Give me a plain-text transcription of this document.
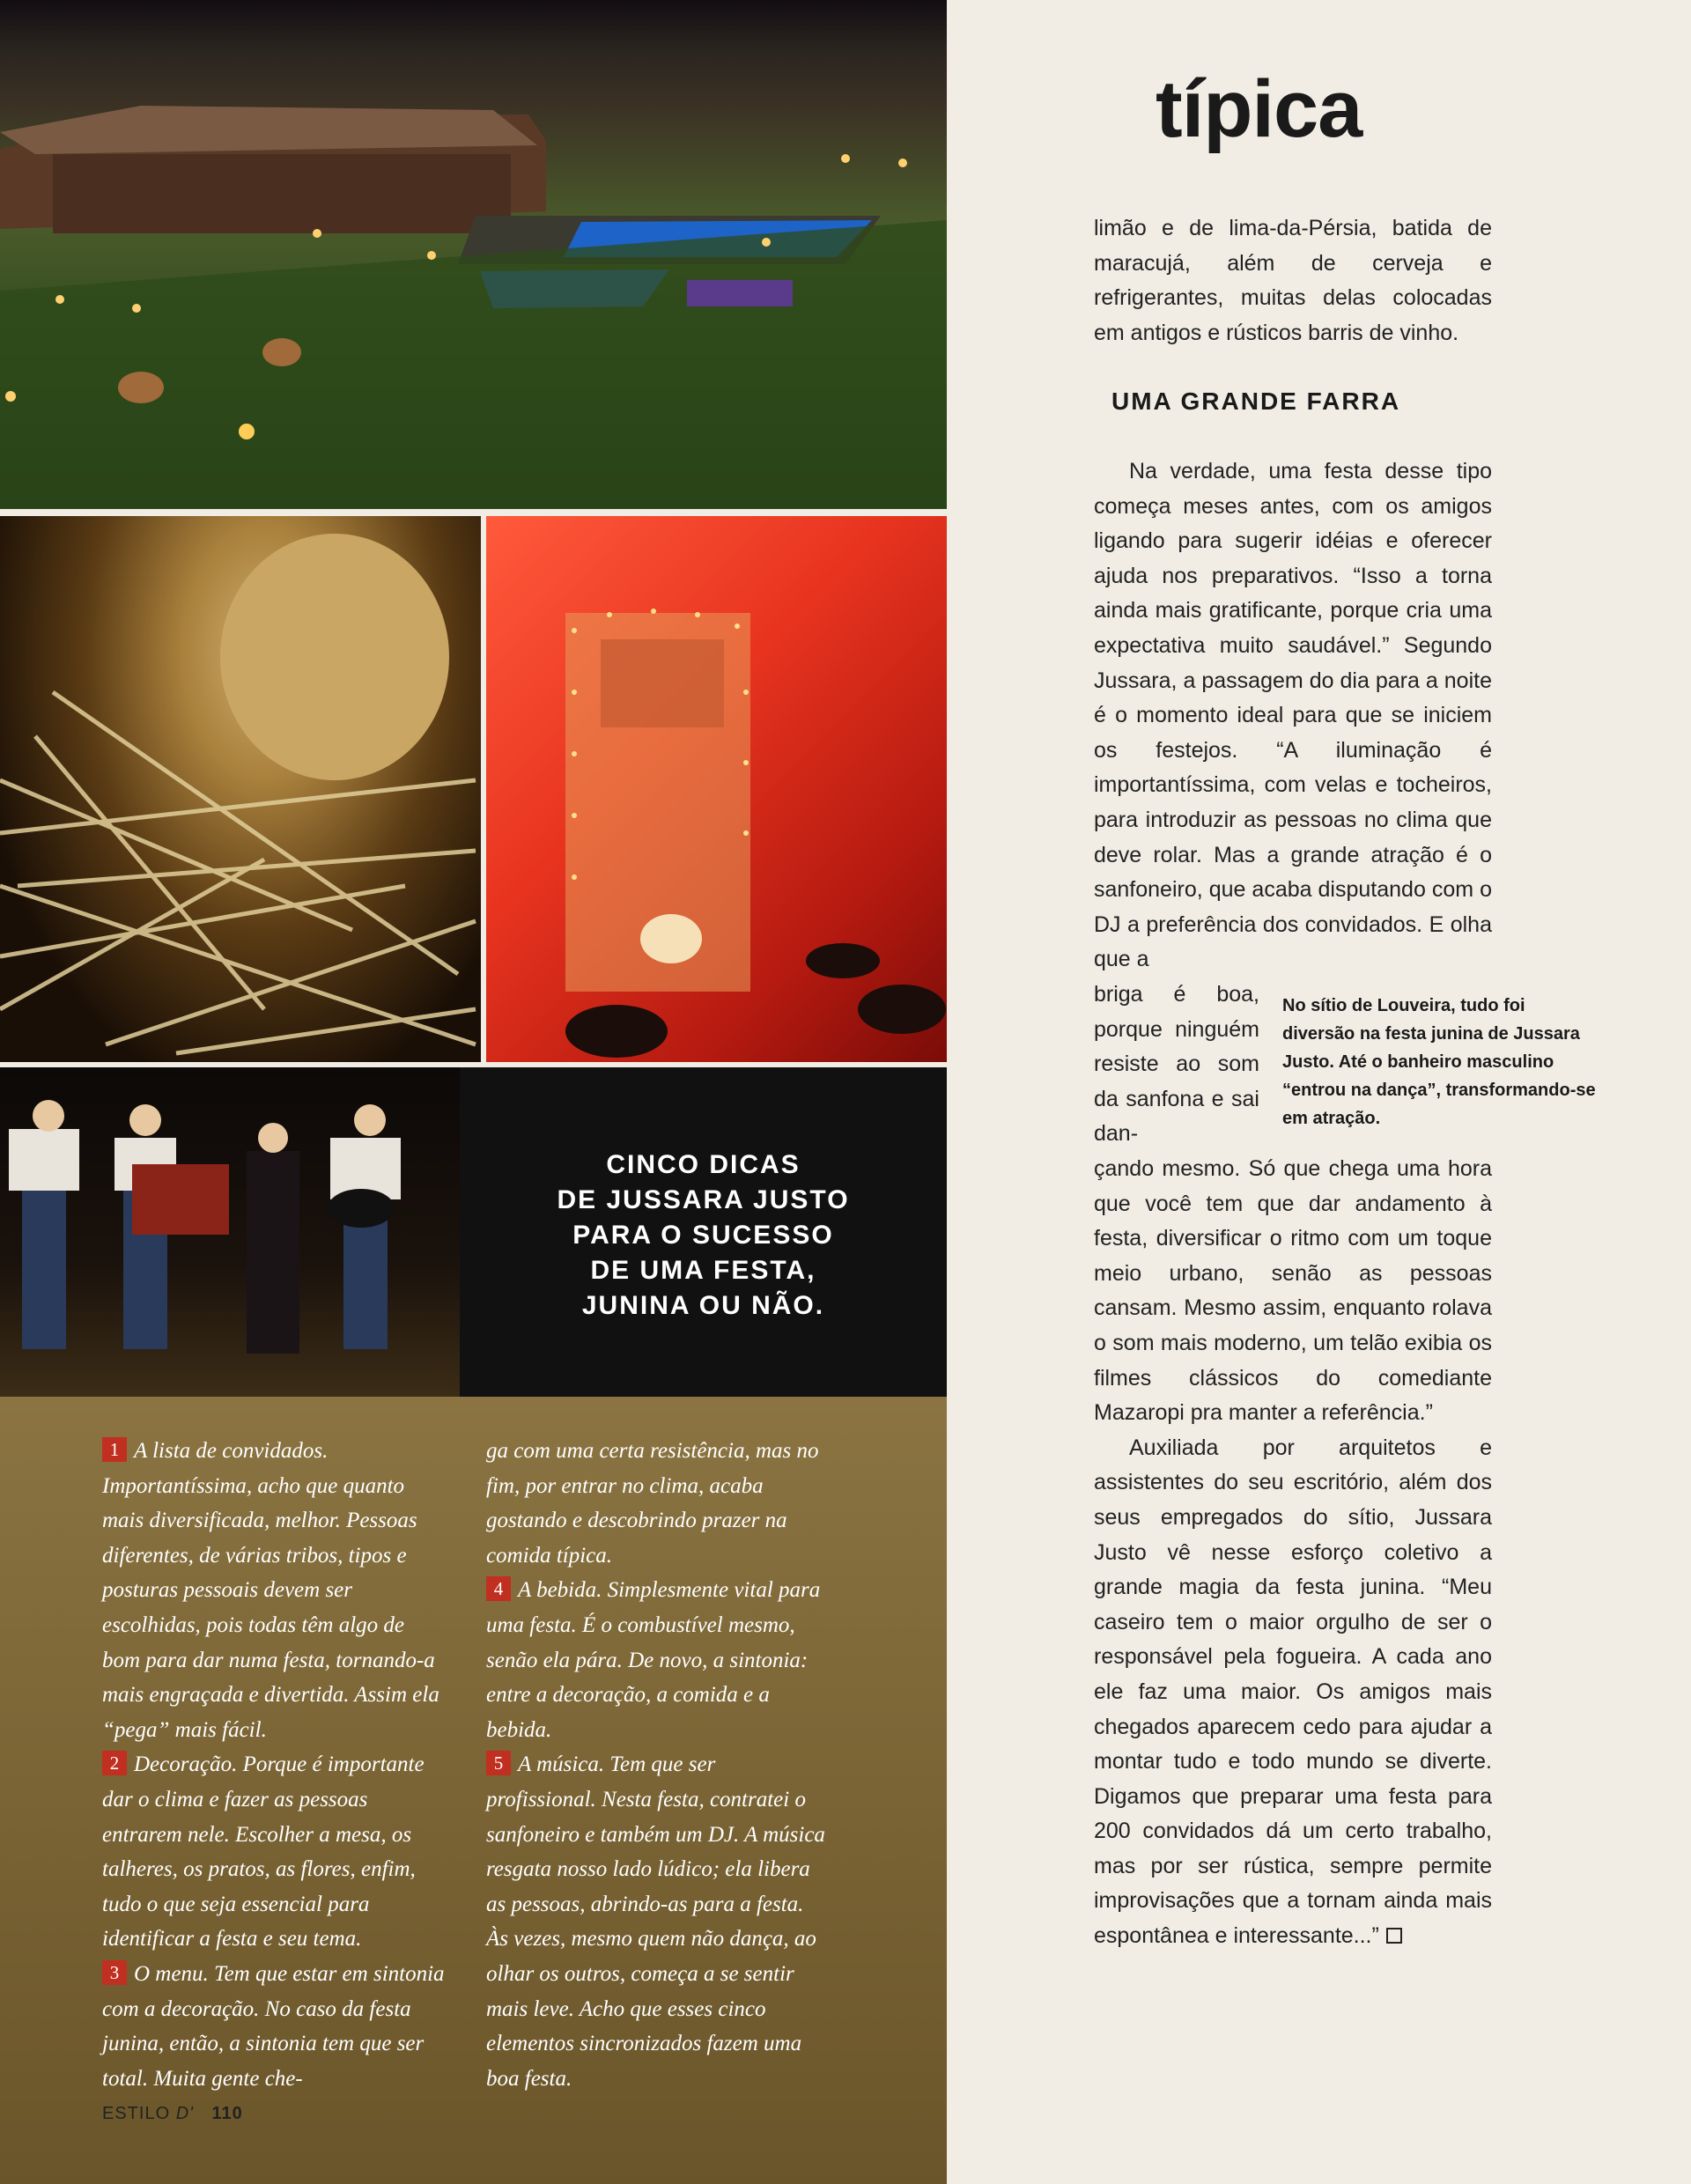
CINCO DICAS
DE JUSSARA JUSTO
PARA O SUCESSO
DE UMA FESTA,
JUNINA OU NÃO.

1 A lista de convidados. Importantíssima, acho que quanto mais diversificada, melhor. Pessoas diferentes, de várias tribos, tipos e posturas pessoais devem ser escolhidas, pois todas têm algo de bom para dar numa festa, tornando-a mais engraçada e divertida. Assim ela “pega” mais fácil.

2 Decoração. Porque é importante dar o clima e fazer as pessoas entrarem nele. Escolher a mesa, os talheres, os pratos, as flores, enfim, tudo o que seja essencial para identificar a festa e seu tema.

3 O menu. Tem que estar em sintonia com a decoração. No caso da festa junina, então, a sintonia tem que ser total. Muita gente che-

ga com uma certa resistência, mas no fim, por entrar no clima, acaba gostando e descobrindo prazer na comida típica.

4 A bebida. Simplesmente vital para uma festa. É o combustível mesmo, senão ela pára. De novo, a sintonia: entre a decoração, a comida e a bebida.

5 A música. Tem que ser profissional. Nesta festa, contratei o sanfoneiro e também um DJ. A música resgata nosso lado lúdico; ela libera as pessoas, abrindo-as para a festa. Às vezes, mesmo quem não dança, ao olhar os outros, começa a se sentir mais leve. Acho que esses cinco elementos sincronizados fazem uma boa festa.

ESTILO D' 110
típica
limão e de lima-da-Pérsia, batida de maracujá, além de cerveja e refrigerantes, muitas delas colocadas em antigos e rústicos barris de vinho.
UMA GRANDE FARRA
Na verdade, uma festa desse tipo começa meses antes, com os amigos ligando para sugerir idéias e oferecer ajuda nos preparativos. “Isso a torna ainda mais gratificante, porque cria uma expectativa muito saudável.” Segundo Jussara, a passagem do dia para a noite é o momento ideal para que se iniciem os festejos. “A iluminação é importantíssima, com velas e tocheiros, para introduzir as pessoas no clima que deve rolar. Mas a grande atração é o sanfoneiro, que acaba disputando com o DJ a preferência dos convidados. E olha que a
briga é boa, porque ninguém resiste ao som da sanfona e sai dan-
No sítio de Louveira, tudo foi diversão na festa junina de Jussara Justo. Até o banheiro masculino “entrou na dança”, transformando-se em atração.

çando mesmo. Só que chega uma hora que você tem que dar andamento à festa, diversificar o ritmo com um toque meio urbano, senão as pessoas cansam. Mesmo assim, enquanto rolava o som mais moderno, um telão exibia os filmes clássicos do comediante Mazaropi pra manter a referência.”

Auxiliada por arquitetos e assistentes do seu escritório, além dos seus empregados do sítio, Jussara Justo vê nesse esforço coletivo a grande magia da festa junina. “Meu caseiro tem o maior orgulho de ser o responsável pela fogueira. A cada ano ele faz uma maior. Os amigos mais chegados aparecem cedo para ajudar a montar tudo e todo mundo se diverte. Digamos que preparar uma festa para 200 convidados dá um certo trabalho, mas por ser rústica, sempre permite improvisações que a tornam ainda mais espontânea e interessante...”
